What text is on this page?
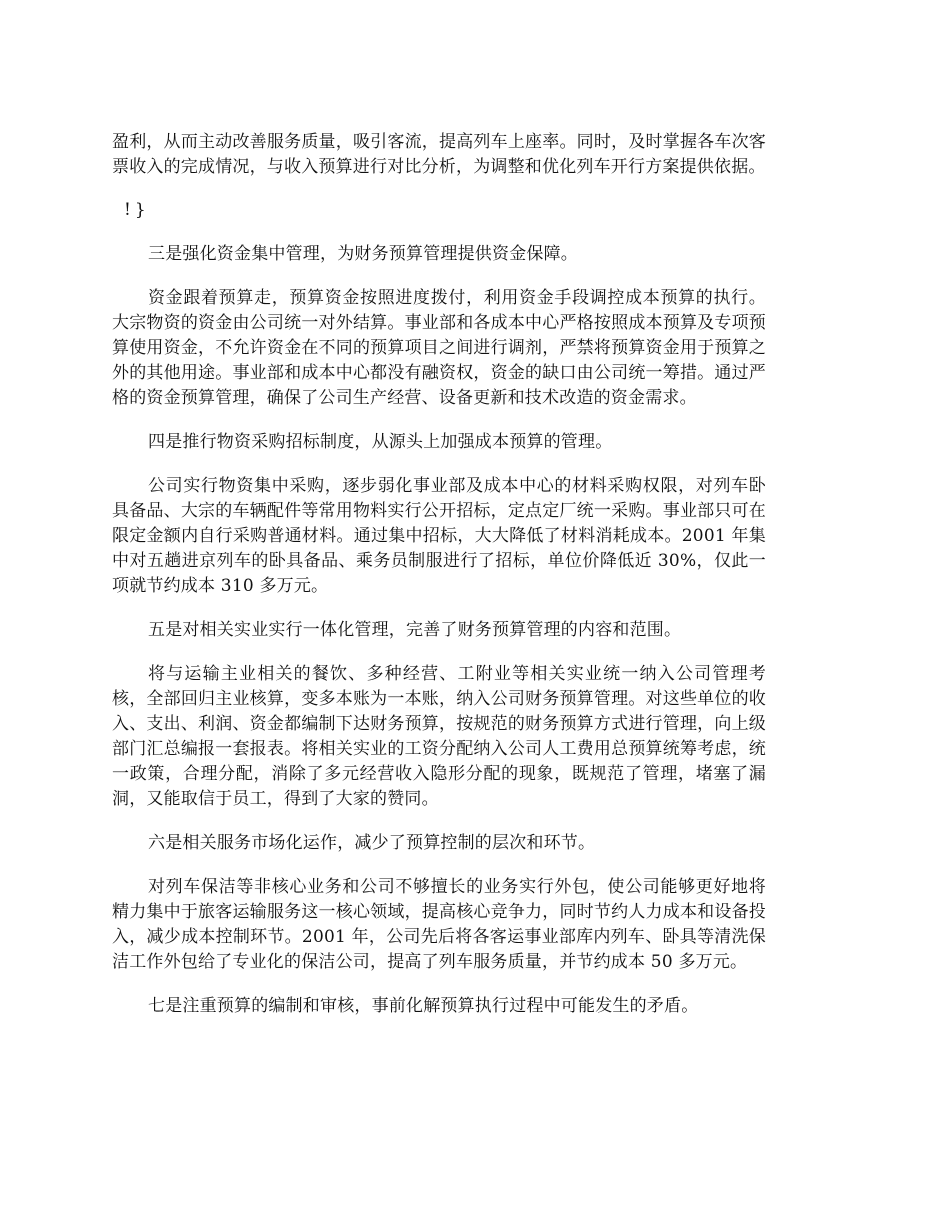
盈利，从而主动改善服务质量，吸引客流，提高列车上座率。同时，及时掌握各车次客票收入的完成情况，与收入预算进行对比分析，为调整和优化列车开行方案提供依据。

!}

三是强化资金集中管理，为财务预算管理提供资金保障。

资金跟着预算走，预算资金按照进度拨付，利用资金手段调控成本预算的执行。大宗物资的资金由公司统一对外结算。事业部和各成本中心严格按照成本预算及专项预算使用资金，不允许资金在不同的预算项目之间进行调剂，严禁将预算资金用于预算之外的其他用途。事业部和成本中心都没有融资权，资金的缺口由公司统一筹措。通过严格的资金预算管理，确保了公司生产经营、设备更新和技术改造的资金需求。

四是推行物资采购招标制度，从源头上加强成本预算的管理。

公司实行物资集中采购，逐步弱化事业部及成本中心的材料采购权限，对列车卧具备品、大宗的车辆配件等常用物料实行公开招标，定点定厂统一采购。事业部只可在限定金额内自行采购普通材料。通过集中招标，大大降低了材料消耗成本。2001 年集中对五趟进京列车的卧具备品、乘务员制服进行了招标，单位价降低近 30%，仅此一项就节约成本 310 多万元。

五是对相关实业实行一体化管理，完善了财务预算管理的内容和范围。

将与运输主业相关的餐饮、多种经营、工附业等相关实业统一纳入公司管理考核，全部回归主业核算，变多本账为一本账，纳入公司财务预算管理。对这些单位的收入、支出、利润、资金都编制下达财务预算，按规范的财务预算方式进行管理，向上级部门汇总编报一套报表。将相关实业的工资分配纳入公司人工费用总预算统筹考虑，统一政策，合理分配，消除了多元经营收入隐形分配的现象，既规范了管理，堵塞了漏洞，又能取信于员工，得到了大家的赞同。

六是相关服务市场化运作，减少了预算控制的层次和环节。

对列车保洁等非核心业务和公司不够擅长的业务实行外包，使公司能够更好地将精力集中于旅客运输服务这一核心领域，提高核心竞争力，同时节约人力成本和设备投入，减少成本控制环节。2001 年，公司先后将各客运事业部库内列车、卧具等清洗保洁工作外包给了专业化的保洁公司，提高了列车服务质量，并节约成本 50 多万元。

七是注重预算的编制和审核，事前化解预算执行过程中可能发生的矛盾。
